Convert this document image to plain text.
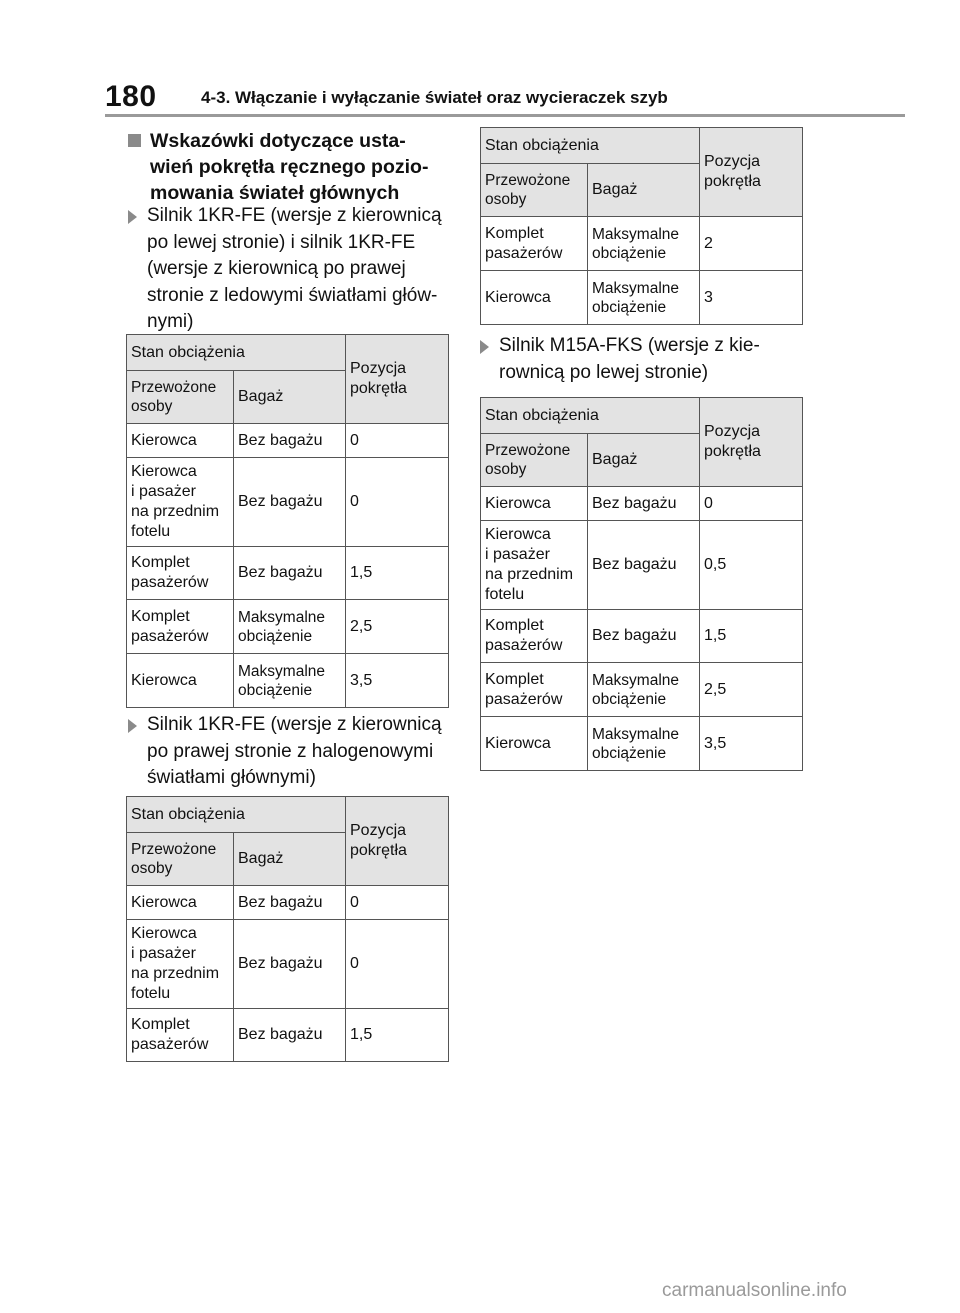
180	4-3. Włączanie i wyłączanie świateł oraz wycieraczek szyb
Wskazówki dotyczące usta-
wień pokrętła ręcznego pozio-
mowania świateł głównych
Silnik 1KR-FE (wersje z kierownicą
po lewej stronie) i silnik 1KR-FE
(wersje z kierownicą po prawej
stronie z ledowymi światłami głów-
nymi)
Stan obciążenia		Pozycja
pokrętła
Przewożone
osoby	Bagaż	
Kierowca	Bez bagażu	0
Kierowca
i pasażer
na przednim
fotelu	Bez bagażu	0
Komplet
pasażerów	Bez bagażu	1,5
Komplet
pasażerów	Maksymalne
obciążenie	2,5
Kierowca	Maksymalne
obciążenie	3,5
Silnik 1KR-FE (wersje z kierownicą
po prawej stronie z halogenowymi
światłami głównymi)
Stan obciążenia		Pozycja
pokrętła
Przewożone
osoby	Bagaż	
Kierowca	Bez bagażu	0
Kierowca
i pasażer
na przednim
fotelu	Bez bagażu	0
Komplet
pasażerów	Bez bagażu	1,5
Stan obciążenia		Pozycja
pokrętła
Przewożone
osoby	Bagaż	
Komplet
pasażerów	Maksymalne
obciążenie	2
Kierowca	Maksymalne
obciążenie	3
Silnik M15A-FKS (wersje z kie-
rownicą po lewej stronie)
Stan obciążenia		Pozycja
pokrętła
Przewożone
osoby	Bagaż	
Kierowca	Bez bagażu	0
Kierowca
i pasażer
na przednim
fotelu	Bez bagażu	0,5
Komplet
pasażerów	Bez bagażu	1,5
Komplet
pasażerów	Maksymalne
obciążenie	2,5
Kierowca	Maksymalne
obciążenie	3,5
carmanualsonline.info
